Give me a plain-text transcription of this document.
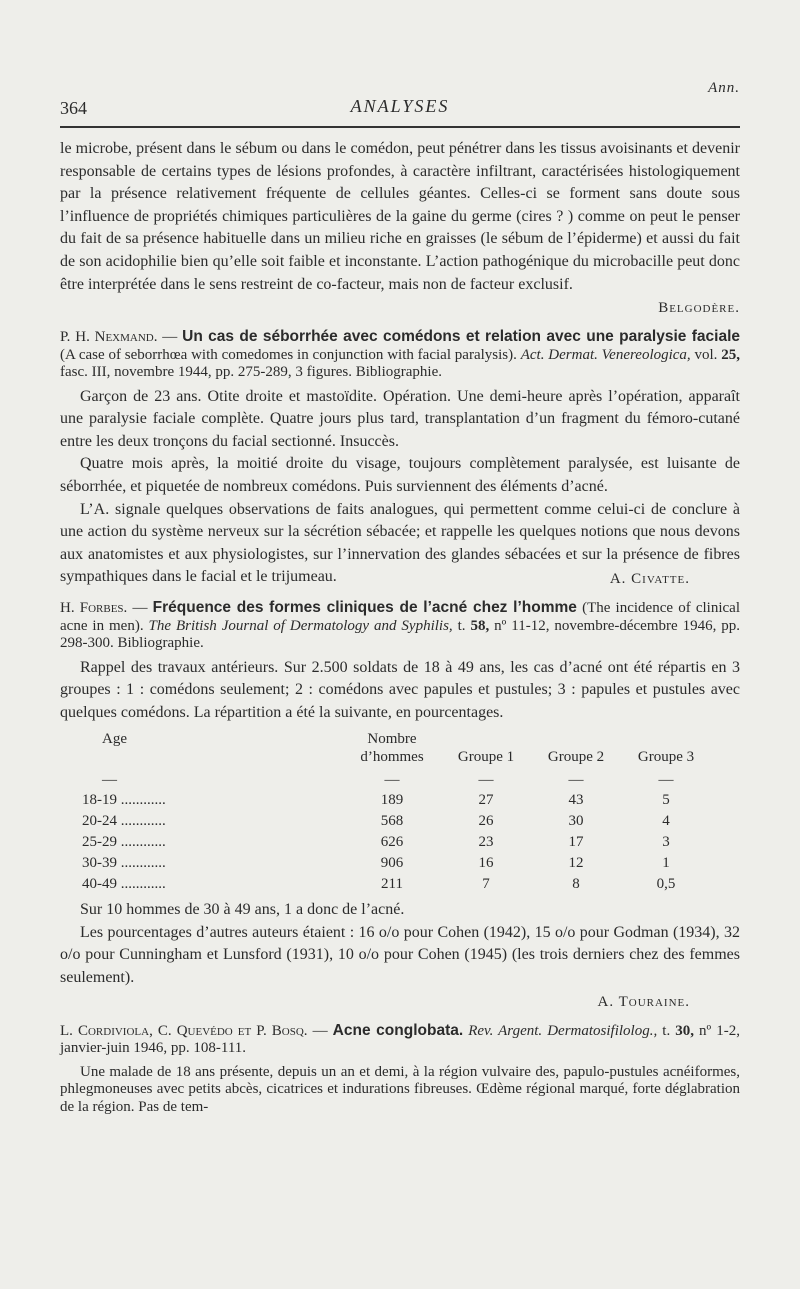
Ann.
364	ANALYSES

le microbe, présent dans le sébum ou dans le comédon, peut pénétrer dans les tissus avoisinants et devenir responsable de certains types de lésions profondes, à caractère infiltrant, caractérisées histologiquement par la présence relativement fréquente de cellules géantes. Celles-ci se forment sans doute sous l’influence de propriétés chimiques particulières de la gaine du germe (cires ? ) comme on peut le penser du fait de sa présence habituelle dans un milieu riche en graisses (le sébum de l’épiderme) et aussi du fait de son acidophilie bien qu’elle soit faible et inconstante. L’action pathogénique du microbacille peut donc être interprétée dans le sens restreint de co-facteur, mais non de facteur exclusif.

Belgodère.

P. H. Nexmand. — Un cas de séborrhée avec comédons et relation avec une paralysie faciale (A case of seborrhœa with comedomes in conjunction with facial paralysis). Act. Dermat. Venereologica, vol. 25, fasc. III, novembre 1944, pp. 275-289, 3 figures. Bibliographie.

Garçon de 23 ans. Otite droite et mastoïdite. Opération. Une demi-heure après l’opération, apparaît une paralysie faciale complète. Quatre jours plus tard, transplantation d’un fragment du fémoro-cutané entre les deux tronçons du facial sectionné. Insuccès.

Quatre mois après, la moitié droite du visage, toujours complètement paralysée, est luisante de séborrhée, et piquetée de nombreux comédons. Puis surviennent des éléments d’acné.

L’A. signale quelques observations de faits analogues, qui permettent comme celui-ci de conclure à une action du système nerveux sur la sécrétion sébacée; et rappelle les quelques notions que nous devons aux anatomistes et aux physiologistes, sur l’innervation des glandes sébacées et sur la présence de fibres sympathiques dans le facial et le trijumeau.	A. Civatte.

H. Forbes. — Fréquence des formes cliniques de l’acné chez l’homme (The incidence of clinical acne in men). The British Journal of Dermatology and Syphilis, t. 58, nº 11-12, novembre-décembre 1946, pp. 298-300. Bibliographie.

Rappel des travaux antérieurs. Sur 2.500 soldats de 18 à 49 ans, les cas d’acné ont été répartis en 3 groupes : 1 : comédons seulement; 2 : comédons avec papules et pustules; 3 : papules et pustules avec quelques comédons. La répartition a été la suivante, en pourcentages.

Age	Nombre d’hommes	Groupe 1	Groupe 2	Groupe 3
—	—	—	—	—
18-19 ............	189	27	43	5
20-24 ............	568	26	30	4
25-29 ............	626	23	17	3
30-39 ............	906	16	12	1
40-49 ............	211	7	8	0,5

Sur 10 hommes de 30 à 49 ans, 1 a donc de l’acné.

Les pourcentages d’autres auteurs étaient : 16 o/o pour Cohen (1942), 15 o/o pour Godman (1934), 32 o/o pour Cunningham et Lunsford (1931), 10 o/o pour Cohen (1945) (les trois derniers chez des femmes seulement).

A. Touraine.

L. Cordiviola, C. Quevédo et P. Bosq. — Acne conglobata. Rev. Argent. Dermatosifilolog., t. 30, nº 1-2, janvier-juin 1946, pp. 108-111.

Une malade de 18 ans présente, depuis un an et demi, à la région vulvaire des, papulo-pustules acnéiformes, phlegmoneuses avec petits abcès, cicatrices et indurations fibreuses. Œdème régional marqué, forte déglabration de la région. Pas de tem-
